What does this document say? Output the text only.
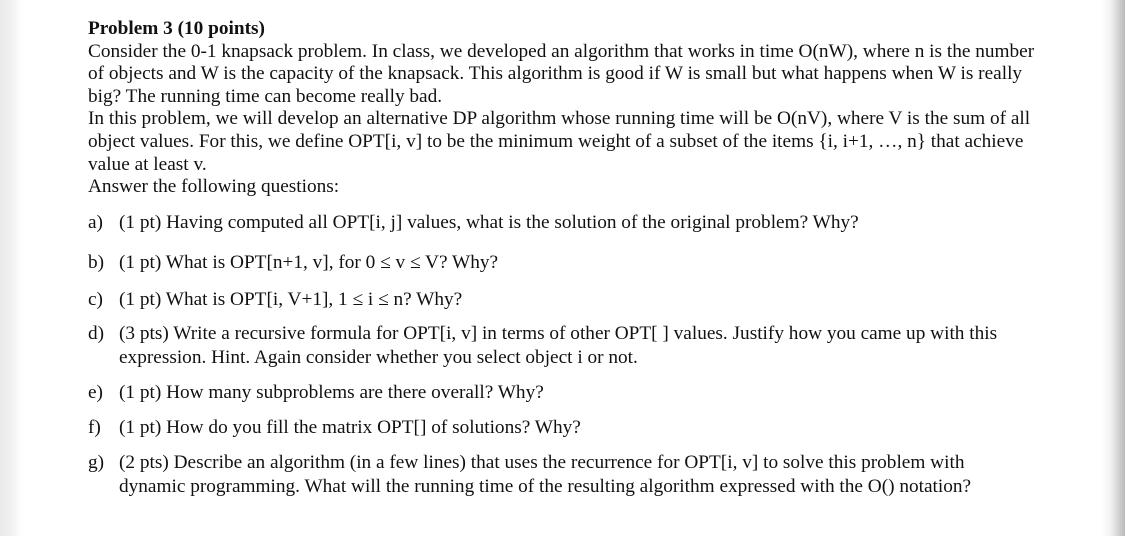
Problem 3 (10 points)

Consider the 0-1 knapsack problem. In class, we developed an algorithm that works in time O(nW), where n is the number of objects and W is the capacity of the knapsack. This algorithm is good if W is small but what happens when W is really big? The running time can become really bad.

In this problem, we will develop an alternative DP algorithm whose running time will be O(nV), where V is the sum of all object values. For this, we define OPT[i, v] to be the minimum weight of a subset of the items {i, i+1, …, n} that achieve value at least v.

Answer the following questions:

a) (1 pt) Having computed all OPT[i, j] values, what is the solution of the original problem? Why?
b) (1 pt) What is OPT[n+1, v], for 0 ≤ v ≤ V? Why?
c) (1 pt) What is OPT[i, V+1], 1 ≤ i ≤ n? Why?
d) (3 pts) Write a recursive formula for OPT[i, v] in terms of other OPT[ ] values. Justify how you came up with this expression. Hint. Again consider whether you select object i or not.
e) (1 pt) How many subproblems are there overall? Why?
f) (1 pt) How do you fill the matrix OPT[] of solutions? Why?
g) (2 pts) Describe an algorithm (in a few lines) that uses the recurrence for OPT[i, v] to solve this problem with dynamic programming. What will the running time of the resulting algorithm expressed with the O() notation?
